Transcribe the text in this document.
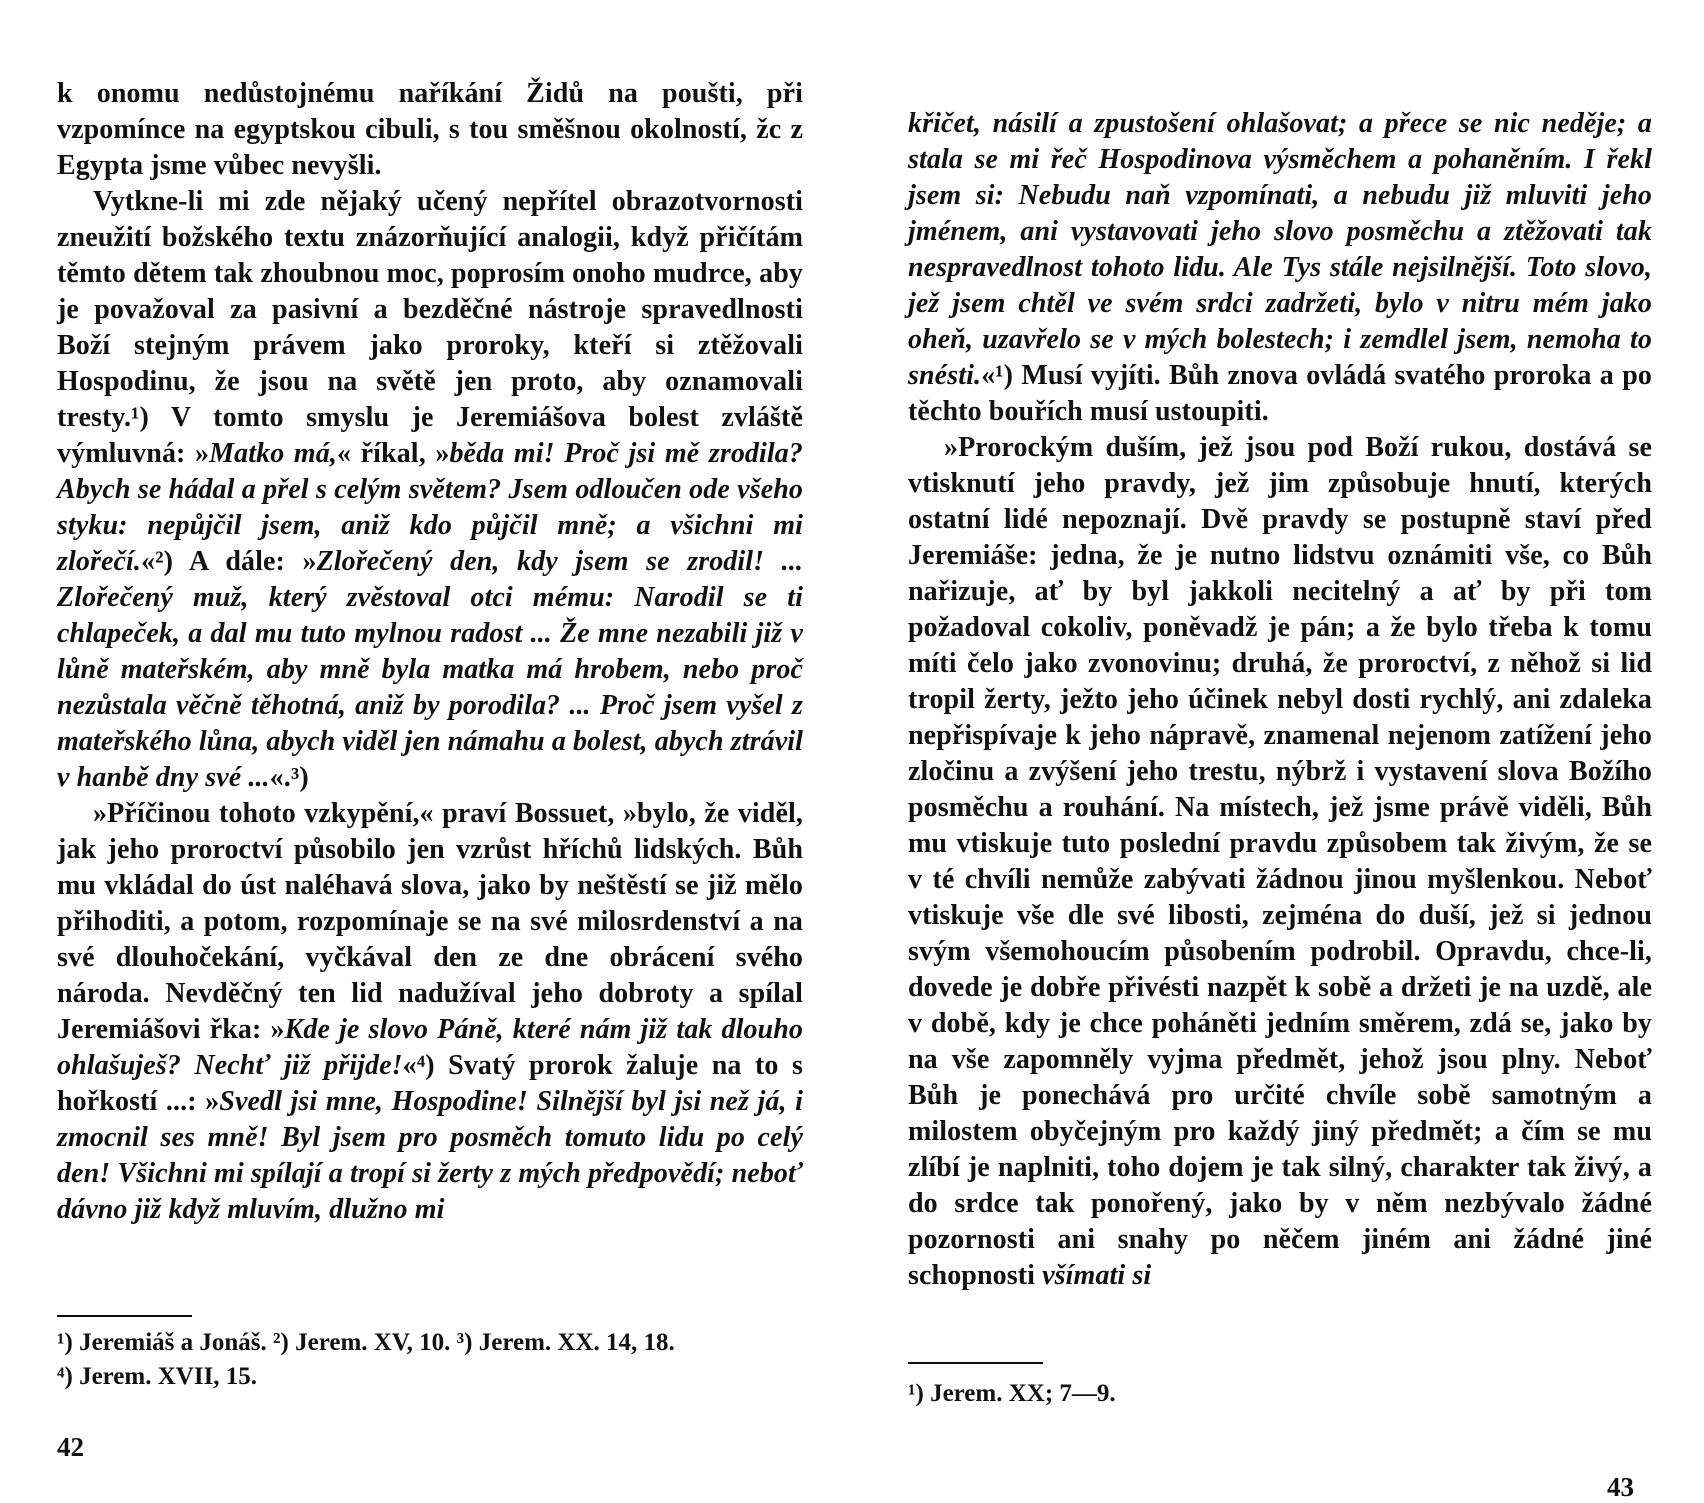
k onomu nedůstojnému naříkání Židů na poušti, při vzpomínce na egyptskou cibuli, s tou směšnou okolností, žc z Egypta jsme vůbec nevyšli.

Vytkne-li mi zde nějaký učený nepřítel obrazotvornosti zneužití božského textu znázorňující analogii, když přičítám těmto dětem tak zhoubnou moc, poprosím onoho mudrce, aby je považoval za pasivní a bezděčné nástroje spravedlnosti Boží stejným právem jako proroky, kteří si ztěžovali Hospodinu, že jsou na světě jen proto, aby oznamovali tresty.¹) V tomto smyslu je Jeremiášova bolest zvláště výmluvná: »Matko má,« říkal, »běda mi! Proč jsi mě zrodila? Abych se hádal a přel s celým světem? Jsem odloučen ode všeho styku: nepůjčil jsem, aniž kdo půjčil mně; a všichni mi zlořečí.«²) A dále: »Zlořečený den, kdy jsem se zrodil! ... Zlořečený muž, který zvěstoval otci mému: Narodil se ti chlapeček, a dal mu tuto mylnou radost ... Že mne nezabili již v lůně mateřském, aby mně byla matka má hrobem, nebo proč nezůstala věčně těhotná, aniž by porodila? ... Proč jsem vyšel z mateřského lůna, abych viděl jen námahu a bolest, abych ztrávil v hanbě dny své ...«.³)

»Příčinou tohoto vzkypění,« praví Bossuet, »bylo, že viděl, jak jeho proroctví působilo jen vzrůst hříchů lidských. Bůh mu vkládal do úst naléhavá slova, jako by neštěstí se již mělo přihoditi, a potom, rozpomínaje se na své milosrdenství a na své dlouhočekání, vyčkával den ze dne obrácení svého národa. Nevděčný ten lid nadužíval jeho dobroty a spílal Jeremiášovi řka: »Kde je slovo Páně, které nám již tak dlouho ohlašuješ? Nechť již přijde!«⁴) Svatý prorok žaluje na to s hořkostí ...: »Svedl jsi mne, Hospodine! Silnější byl jsi než já, i zmocnil ses mně! Byl jsem pro posměch tomuto lidu po celý den! Všichni mi spílají a tropí si žerty z mých předpovědí; neboť dávno již když mluvím, dlužno mi

¹) Jeremiáš a Jonáš. ²) Jerem. XV, 10. ³) Jerem. XX. 14, 18.
⁴) Jerem. XVII, 15.
42

křičet, násilí a zpustošení ohlašovat; a přece se nic neděje; a stala se mi řeč Hospodinova výsměchem a pohaněním. I řekl jsem si: Nebudu naň vzpomínati, a nebudu již mluviti jeho jménem, ani vystavovati jeho slovo posměchu a ztěžovati tak nespravedlnost tohoto lidu. Ale Tys stále nejsilnější. Toto slovo, jež jsem chtěl ve svém srdci zadržeti, bylo v nitru mém jako oheň, uzavřelo se v mých bolestech; i zemdlel jsem, nemoha to snésti.«¹) Musí vyjíti. Bůh znova ovládá svatého proroka a po těchto bouřích musí ustoupiti.

»Prorockým duším, jež jsou pod Boží rukou, dostává se vtisknutí jeho pravdy, jež jim způsobuje hnutí, kterých ostatní lidé nepoznají. Dvě pravdy se postupně staví před Jeremiáše: jedna, že je nutno lidstvu oznámiti vše, co Bůh nařizuje, ať by byl jakkoli necitelný a ať by při tom požadoval cokoliv, poněvadž je pán; a že bylo třeba k tomu míti čelo jako zvonovinu; druhá, že proroctví, z něhož si lid tropil žerty, ježto jeho účinek nebyl dosti rychlý, ani zdaleka nepřispívaje k jeho nápravě, znamenal nejenom zatížení jeho zločinu a zvýšení jeho trestu, nýbrž i vystavení slova Božího posměchu a rouhání. Na místech, jež jsme právě viděli, Bůh mu vtiskuje tuto poslední pravdu způsobem tak živým, že se v té chvíli nemůže zabývati žádnou jinou myšlenkou. Neboť vtiskuje vše dle své libosti, zejména do duší, jež si jednou svým všemohoucím působením podrobil. Opravdu, chce-li, dovede je dobře přivésti nazpět k sobě a držeti je na uzdě, ale v době, kdy je chce poháněti jedním směrem, zdá se, jako by na vše zapomněly vyjma předmět, jehož jsou plny. Neboť Bůh je ponechává pro určité chvíle sobě samotným a milostem obyčejným pro každý jiný předmět; a čím se mu zlíbí je naplniti, toho dojem je tak silný, charakter tak živý, a do srdce tak ponořený, jako by v něm nezbývalo žádné pozornosti ani snahy po něčem jiném ani žádné jiné schopnosti všímati si

¹) Jerem. XX; 7—9.
43
